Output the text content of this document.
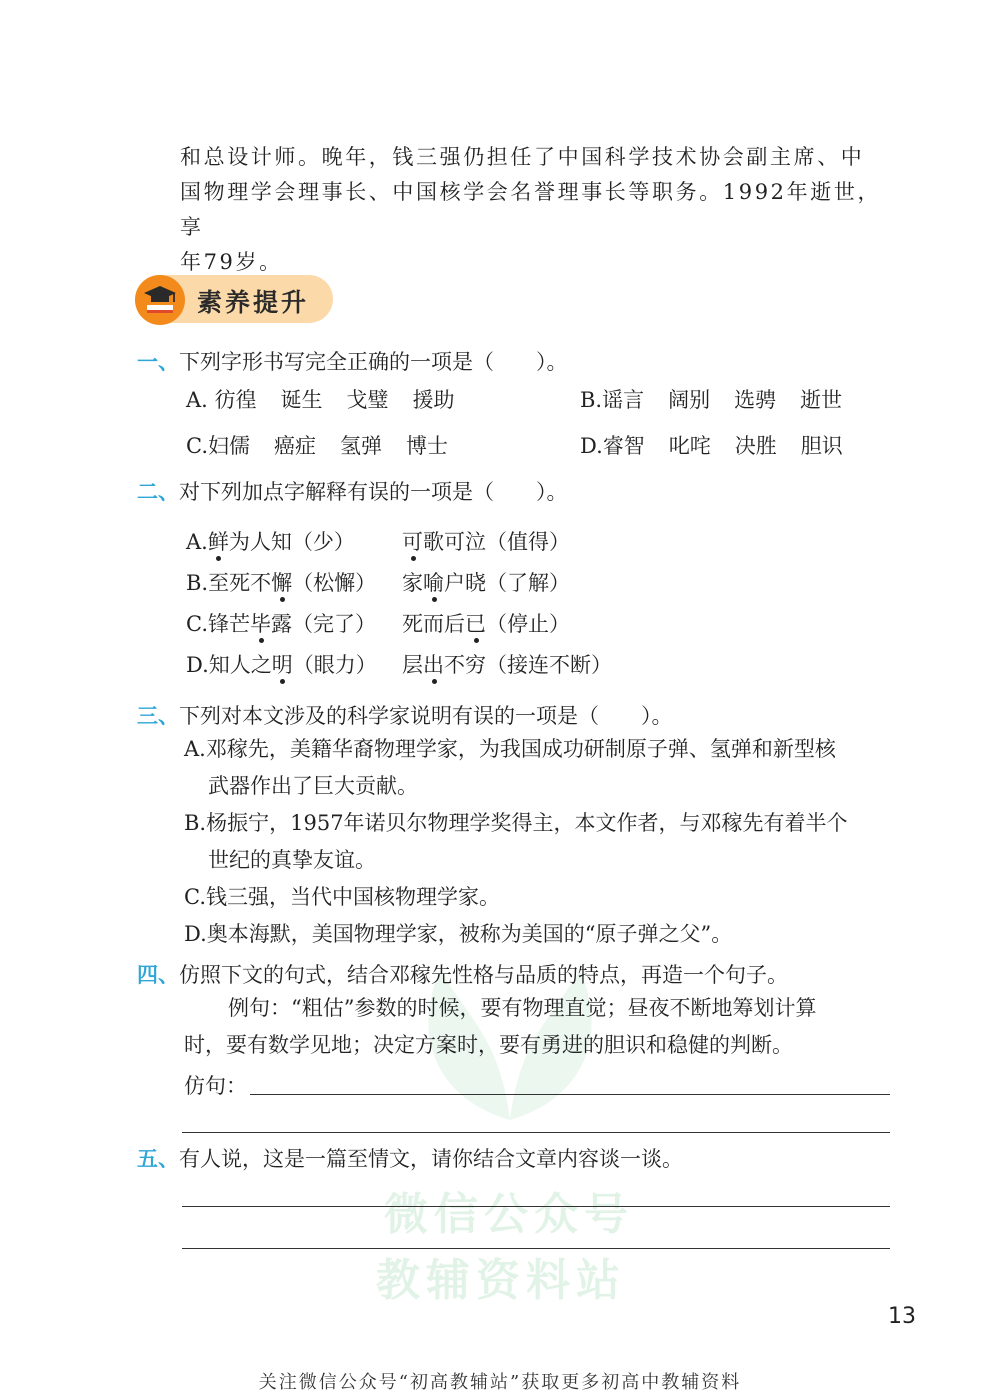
和总设计师。晚年，钱三强仍担任了中国科学技术协会副主席、中

国物理学会理事长、中国核学会名誉理事长等职务。1992年逝世，享

年79岁。

素养提升
一、下列字形书写完全正确的一项是（　　）。
A. 彷徨 诞生 戈璧 援助	B.谣言 阔别 选骋 逝世
C.妇儒 癌症 氢弹 博士	D.睿智 叱咤 决胜 胆识
二、对下列加点字解释有误的一项是（　　）。
A.鲜为人知（少） 可歌可泣（值得）
B.至死不懈（松懈） 家喻户晓（了解）
C.锋芒毕露（完了） 死而后已（停止）
D.知人之明（眼力） 层出不穷（接连不断）
三、下列对本文涉及的科学家说明有误的一项是（　　）。
A.邓稼先，美籍华裔物理学家，为我国成功研制原子弹、氢弹和新型核
武器作出了巨大贡献。
B.杨振宁，1957年诺贝尔物理学奖得主，本文作者，与邓稼先有着半个
世纪的真挚友谊。
C.钱三强，当代中国核物理学家。
D.奥本海默，美国物理学家，被称为美国的“原子弹之父”。
微信公众号
教辅资料站
四、仿照下文的句式，结合邓稼先性格与品质的特点，再造一个句子。
例句：“粗估”参数的时候，要有物理直觉；昼夜不断地筹划计算
时，要有数学见地；决定方案时，要有勇进的胆识和稳健的判断。
仿句：
五、有人说，这是一篇至情文，请你结合文章内容谈一谈。
13
关注微信公众号“初高教辅站”获取更多初高中教辅资料
